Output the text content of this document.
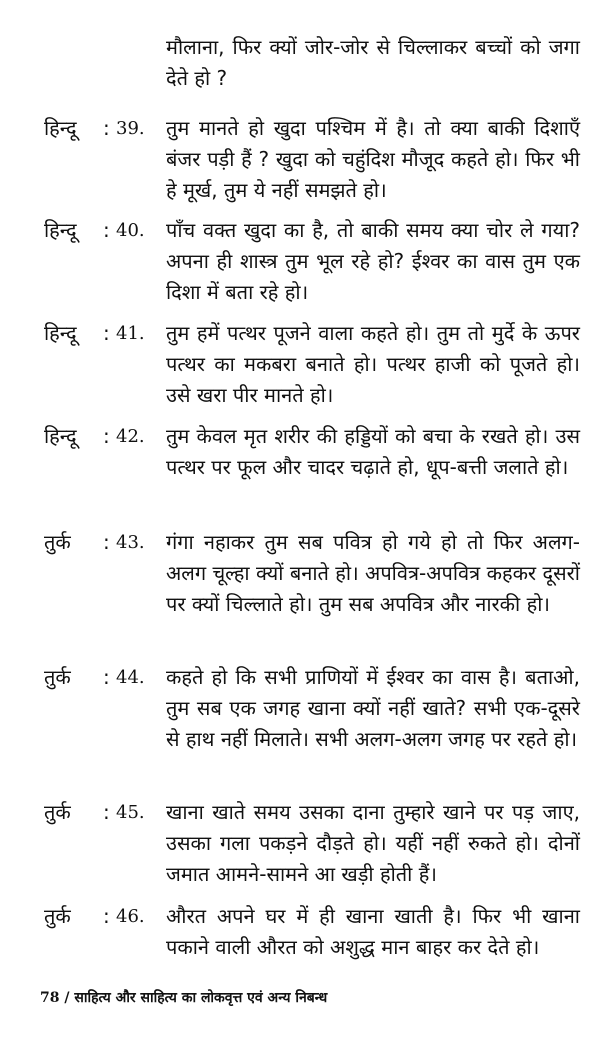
मौलाना, फिर क्यों जोर-जोर से चिल्लाकर बच्चों को जगा देते हो ?
हिन्दू	: 39. तुम मानते हो खुदा पश्चिम में है। तो क्या बाकी दिशाएँ बंजर पड़ी हैं ? खुदा को चहुंदिश मौजूद कहते हो। फिर भी हे मूर्ख, तुम ये नहीं समझते हो।
हिन्दू	: 40. पाँच वक्त खुदा का है, तो बाकी समय क्या चोर ले गया? अपना ही शास्त्र तुम भूल रहे हो? ईश्वर का वास तुम एक दिशा में बता रहे हो।
हिन्दू	: 41. तुम हमें पत्थर पूजने वाला कहते हो। तुम तो मुर्दे के ऊपर पत्थर का मकबरा बनाते हो। पत्थर हाजी को पूजते हो। उसे खरा पीर मानते हो।
हिन्दू	: 42. तुम केवल मृत शरीर की हड्डियों को बचा के रखते हो। उस पत्थर पर फूल और चादर चढ़ाते हो, धूप-बत्ती जलाते हो।
तुर्क	: 43. गंगा नहाकर तुम सब पवित्र हो गये हो तो फिर अलग-अलग चूल्हा क्यों बनाते हो। अपवित्र-अपवित्र कहकर दूसरों पर क्यों चिल्लाते हो। तुम सब अपवित्र और नारकी हो।
तुर्क	: 44. कहते हो कि सभी प्राणियों में ईश्वर का वास है। बताओ, तुम सब एक जगह खाना क्यों नहीं खाते? सभी एक-दूसरे से हाथ नहीं मिलाते। सभी अलग-अलग जगह पर रहते हो।
तुर्क	: 45. खाना खाते समय उसका दाना तुम्हारे खाने पर पड़ जाए, उसका गला पकड़ने दौड़ते हो। यहीं नहीं रुकते हो। दोनों जमात आमने-सामने आ खड़ी होती हैं।
तुर्क	: 46. औरत अपने घर में ही खाना खाती है। फिर भी खाना पकाने वाली औरत को अशुद्ध मान बाहर कर देते हो।
78 / साहित्य और साहित्य का लोकवृत्त एवं अन्य निबन्ध
